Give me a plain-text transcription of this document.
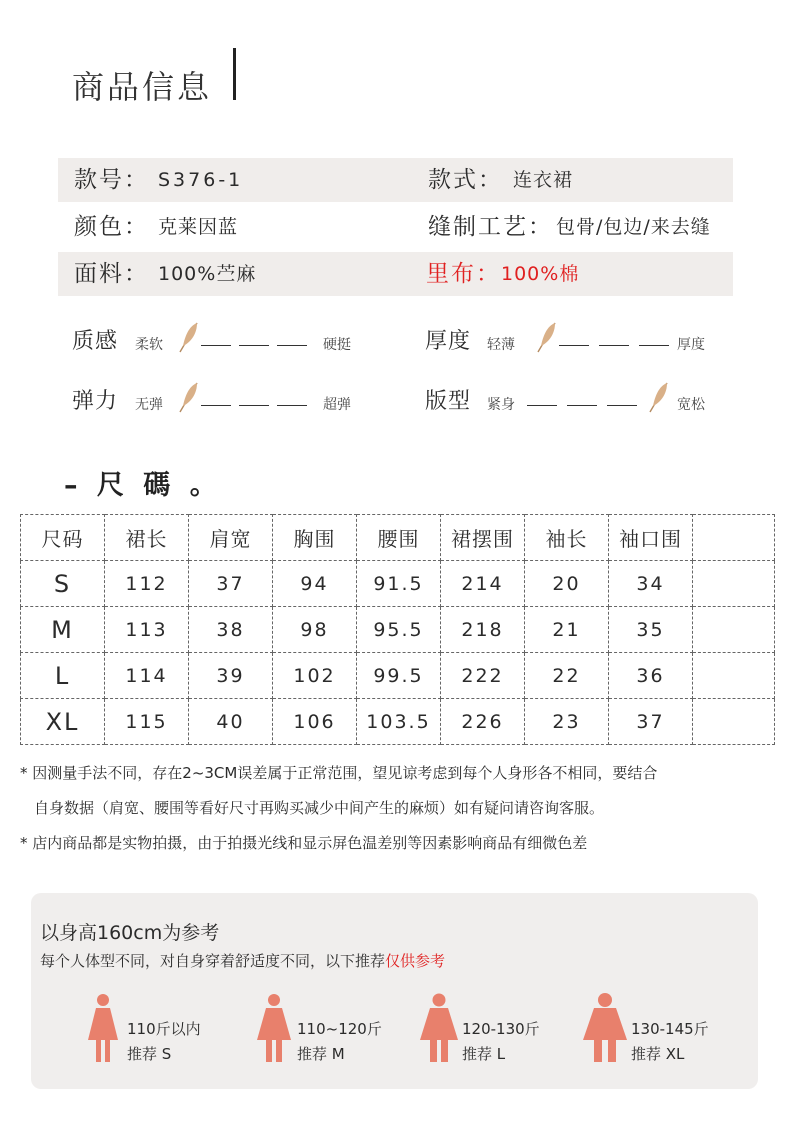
商品信息
款号： S376-1	款式： 连衣裙
颜色： 克莱因蓝	缝制工艺： 包骨/包边/来去缝
面料： 100%苎麻	里布： 100%棉
质感 柔软	硬挺	厚度 轻薄	厚度
弹力 无弹	超弹	版型 紧身	宽松
– 尺 碼 。
尺码	裙长	肩宽	胸围	腰围	裙摆围	袖长	袖口围	
S	112	37	94	91.5	214	20	34	
M	113	38	98	95.5	218	21	35	
L	114	39	102	99.5	222	22	36	
XL	115	40	106	103.5	226	23	37	
* 因测量手法不同，存在2~3CM误差属于正常范围，望见谅考虑到每个人身形各不相同，要结合
自身数据（肩宽、腰围等看好尺寸再购买减少中间产生的麻烦）如有疑问请咨询客服。
* 店内商品都是实物拍摄，由于拍摄光线和显示屏色温差别等因素影响商品有细微色差
以身高160cm为参考
每个人体型不同，对自身穿着舒适度不同，以下推荐仅供参考
110斤以内
推荐 S
110~120斤
推荐 M
120-130斤
推荐 L
130-145斤
推荐 XL
